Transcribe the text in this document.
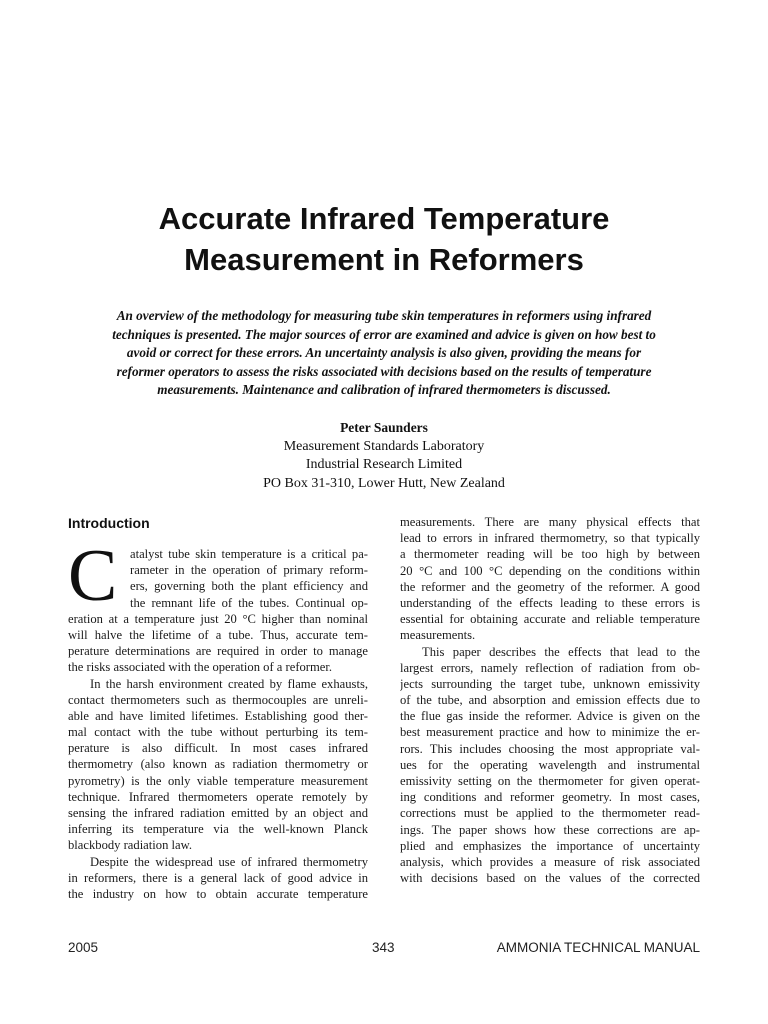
Accurate Infrared Temperature
Measurement in Reformers
An overview of the methodology for measuring tube skin temperatures in reformers using infrared
techniques is presented. The major sources of error are examined and advice is given on how best to
avoid or correct for these errors. An uncertainty analysis is also given, providing the means for
reformer operators to assess the risks associated with decisions based on the results of temperature
measurements. Maintenance and calibration of infrared thermometers is discussed.
Peter Saunders
Measurement Standards Laboratory
Industrial Research Limited
PO Box 31-310, Lower Hutt, New Zealand
Introduction
C	atalyst tube skin temperature is a critical pa-
rameter in the operation of primary reform-
ers, governing both the plant efficiency and
the remnant life of the tubes. Continual op-
eration at a temperature just 20 °C higher than nominal
will halve the lifetime of a tube. Thus, accurate tem-
perature determinations are required in order to manage
the risks associated with the operation of a reformer.
In the harsh environment created by flame exhausts,
contact thermometers such as thermocouples are unreli-
able and have limited lifetimes. Establishing good ther-
mal contact with the tube without perturbing its tem-
perature is also difficult. In most cases infrared
thermometry (also known as radiation thermometry or
pyrometry) is the only viable temperature measurement
technique. Infrared thermometers operate remotely by
sensing the infrared radiation emitted by an object and
inferring its temperature via the well-known Planck
blackbody radiation law.
Despite the widespread use of infrared thermometry
in reformers, there is a general lack of good advice in
the industry on how to obtain accurate temperature
measurements. There are many physical effects that
lead to errors in infrared thermometry, so that typically
a thermometer reading will be too high by between
20 °C and 100 °C depending on the conditions within
the reformer and the geometry of the reformer. A good
understanding of the effects leading to these errors is
essential for obtaining accurate and reliable temperature
measurements.
This paper describes the effects that lead to the
largest errors, namely reflection of radiation from ob-
jects surrounding the target tube, unknown emissivity
of the tube, and absorption and emission effects due to
the flue gas inside the reformer. Advice is given on the
best measurement practice and how to minimize the er-
rors. This includes choosing the most appropriate val-
ues for the operating wavelength and instrumental
emissivity setting on the thermometer for given operat-
ing conditions and reformer geometry. In most cases,
corrections must be applied to the thermometer read-
ings. The paper shows how these corrections are ap-
plied and emphasizes the importance of uncertainty
analysis, which provides a measure of risk associated
with decisions based on the values of the corrected
2005	343	AMMONIA TECHNICAL MANUAL
